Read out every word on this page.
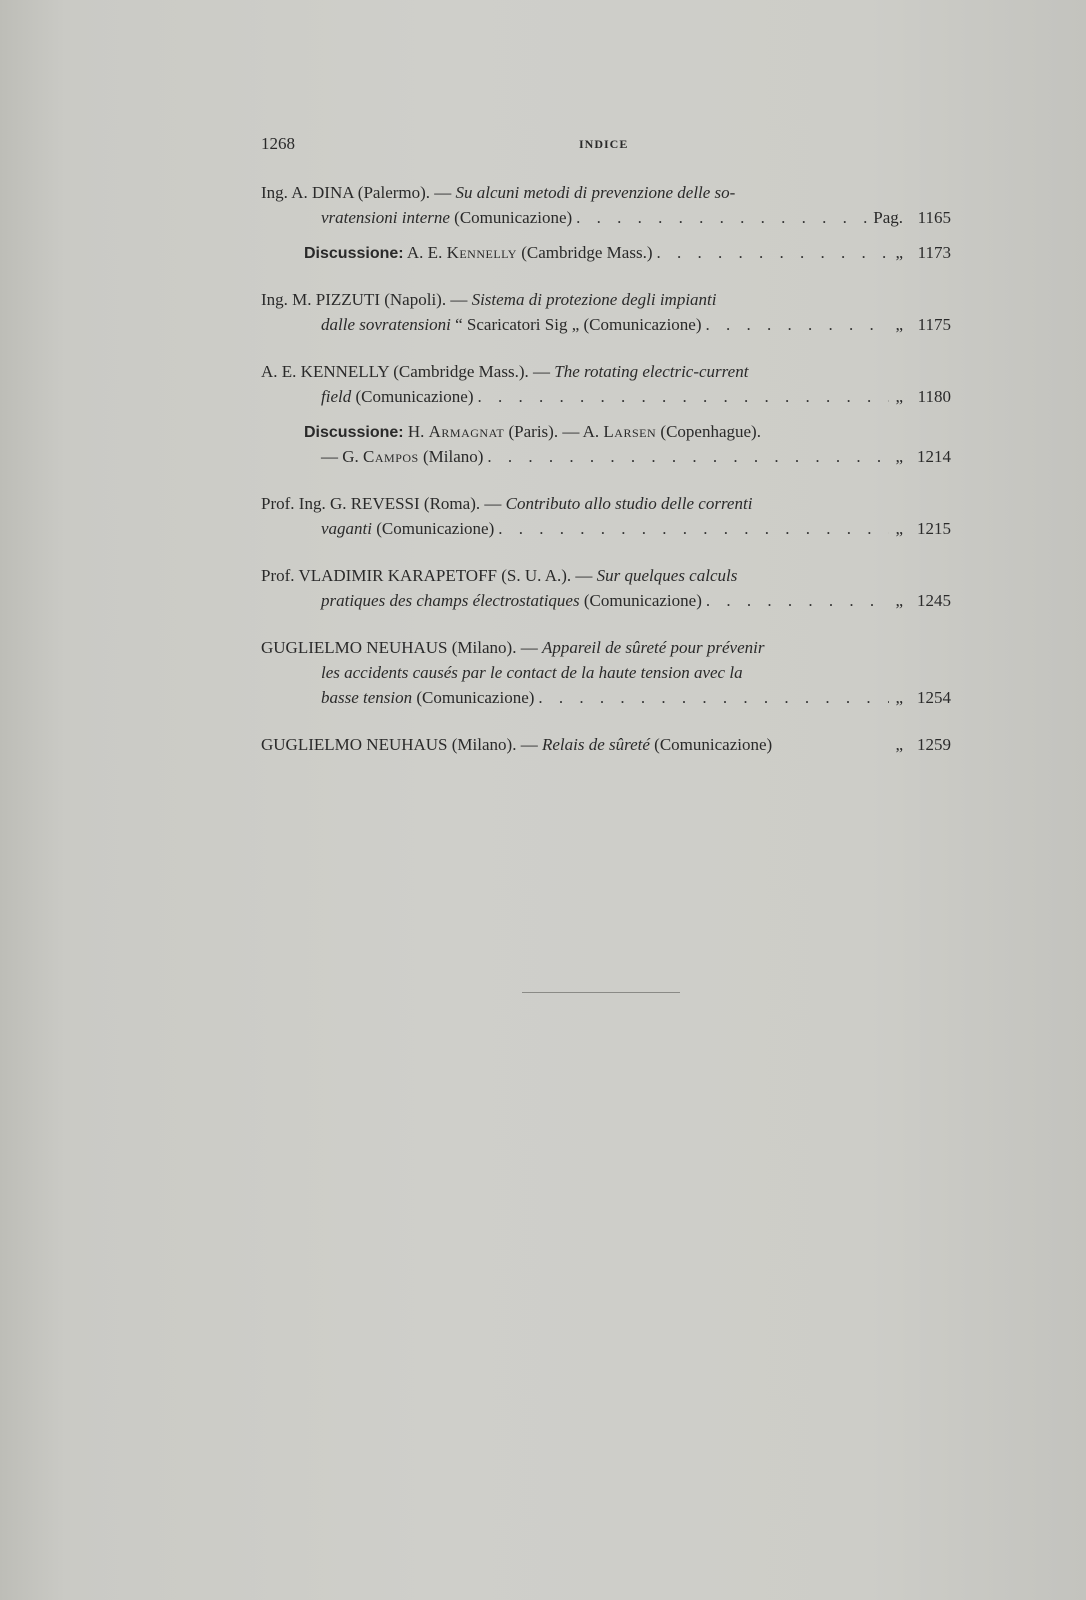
1268	INDICE
Ing. A. DINA (Palermo). — Su alcuni metodi di prevenzione delle so-
vratensioni interne (Comunicazione) . . .	Pag. 1165
Discussione: A. E. Kennelly (Cambridge Mass.) . . .	„ 1173
Ing. M. PIZZUTI (Napoli). — Sistema di protezione degli impianti
dalle sovratensioni “ Scaricatori Sig „ (Comunicazione) . . .	„ 1175
A. E. KENNELLY (Cambridge Mass.). — The rotating electric-current
field (Comunicazione) . . .	„ 1180
Discussione: H. Armagnat (Paris). — A. Larsen (Copenhague).
— G. Campos (Milano) . . .	„ 1214
Prof. Ing. G. REVESSI (Roma). — Contributo allo studio delle correnti
vaganti (Comunicazione) . . .	„ 1215
Prof. VLADIMIR KARAPETOFF (S. U. A.). — Sur quelques calculs
pratiques des champs électrostatiques (Comunicazione) . . .	„ 1245
GUGLIELMO NEUHAUS (Milano). — Appareil de sûreté pour prévenir
les accidents causés par le contact de la haute tension avec la
basse tension (Comunicazione) . . .	„ 1254
GUGLIELMO NEUHAUS (Milano). — Relais de sûreté (Comunicazione)	„ 1259
